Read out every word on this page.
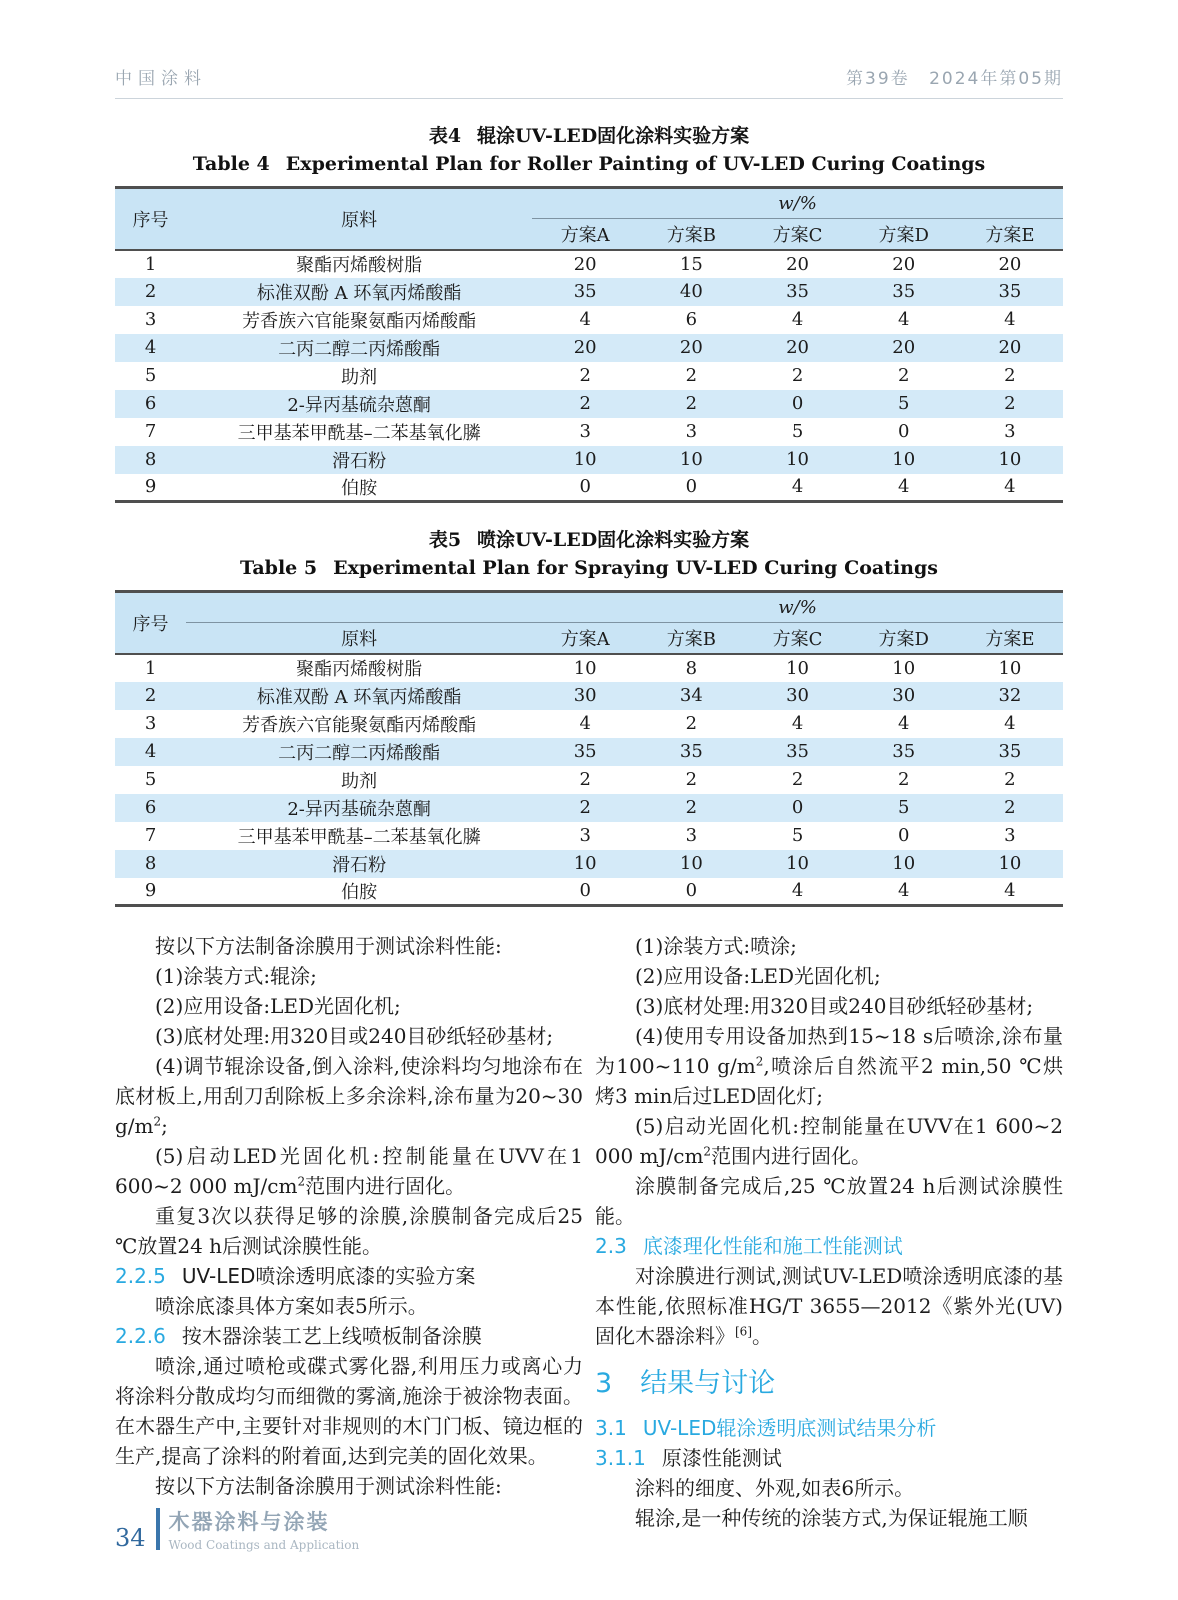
中国涂料	第39卷 2024年第05期
表4 辊涂UV-LED固化涂料实验方案
Table 4 Experimental Plan for Roller Painting of UV-LED Curing Coatings
序号	原料	w/%				
		方案A	方案B	方案C	方案D	方案E
1	聚酯丙烯酸树脂	20	15	20	20	20
2	标准双酚 A 环氧丙烯酸酯	35	40	35	35	35
3	芳香族六官能聚氨酯丙烯酸酯	4	6	4	4	4
4	二丙二醇二丙烯酸酯	20	20	20	20	20
5	助剂	2	2	2	2	2
6	2-异丙基硫杂蒽酮	2	2	0	5	2
7	三甲基苯甲酰基–二苯基氧化膦	3	3	5	0	3
8	滑石粉	10	10	10	10	10
9	伯胺	0	0	4	4	4
表5 喷涂UV-LED固化涂料实验方案
Table 5 Experimental Plan for Spraying UV-LED Curing Coatings
序号		w/%				
	原料	方案A	方案B	方案C	方案D	方案E
1	聚酯丙烯酸树脂	10	8	10	10	10
2	标准双酚 A 环氧丙烯酸酯	30	34	30	30	32
3	芳香族六官能聚氨酯丙烯酸酯	4	2	4	4	4
4	二丙二醇二丙烯酸酯	35	35	35	35	35
5	助剂	2	2	2	2	2
6	2-异丙基硫杂蒽酮	2	2	0	5	2
7	三甲基苯甲酰基–二苯基氧化膦	3	3	5	0	3
8	滑石粉	10	10	10	10	10
9	伯胺	0	0	4	4	4

按以下方法制备涂膜用于测试涂料性能:

(1)涂装方式:辊涂;

(2)应用设备:LED光固化机;

(3)底材处理:用320目或240目砂纸轻砂基材;

(4)调节辊涂设备,倒入涂料,使涂料均匀地涂布在底材板上,用刮刀刮除板上多余涂料,涂布量为20~30 $g/m^2$;

(5)启动LED光固化机:控制能量在UVV在1 600~2 000 $mJ/cm^2$范围内进行固化。

重复3次以获得足够的涂膜,涂膜制备完成后25 ℃放置24 h后测试涂膜性能。

2.2.5 UV-LED喷涂透明底漆的实验方案

喷涂底漆具体方案如表5所示。

2.2.6 按木器涂装工艺上线喷板制备涂膜

喷涂,通过喷枪或碟式雾化器,利用压力或离心力将涂料分散成均匀而细微的雾滴,施涂于被涂物表面。在木器生产中,主要针对非规则的木门门板、镜边框的生产,提高了涂料的附着面,达到完美的固化效果。

按以下方法制备涂膜用于测试涂料性能:

(1)涂装方式:喷涂;

(2)应用设备:LED光固化机;

(3)底材处理:用320目或240目砂纸轻砂基材;

(4)使用专用设备加热到15~18 s后喷涂,涂布量为100~110 $g/m^2$,喷涂后自然流平2 min,50 ℃烘烤3 min后过LED固化灯;

(5)启动光固化机:控制能量在UVV在1 600~2 000 $mJ/cm^2$范围内进行固化。

涂膜制备完成后,25 ℃放置24 h后测试涂膜性能。

2.3 底漆理化性能和施工性能测试

对涂膜进行测试,测试UV-LED喷涂透明底漆的基本性能,依照标准HG/T 3655—2012《紫外光(UV)固化木器涂料》[6]。

3 结果与讨论
3.1 UV-LED辊涂透明底测试结果分析
3.1.1 原漆性能测试

涂料的细度、外观,如表6所示。

辊涂,是一种传统的涂装方式,为保证辊施工顺

34
木器涂料与涂装
Wood Coatings and Application
